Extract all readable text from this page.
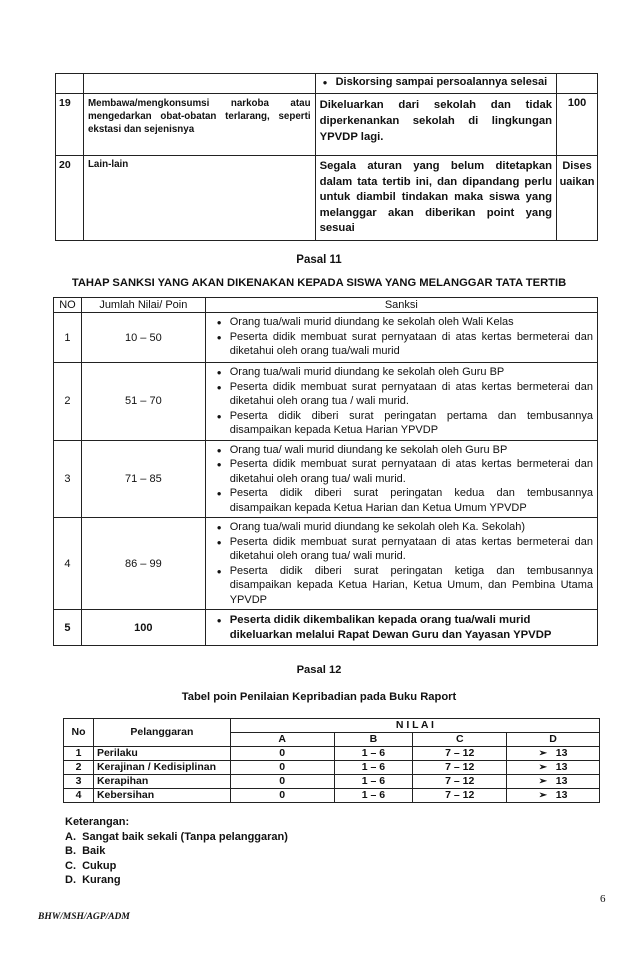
		● Diskorsing sampai persoalannya selesai

19	Membawa/mengkonsumsi narkoba atau mengedarkan obat-obatan terlarang, seperti ekstasi dan sejenisnya	Dikeluarkan dari sekolah dan tidak diperkenankan sekolah di lingkungan YPVDP lagi.	100
20	Lain-lain	Segala aturan yang belum ditetapkan dalam tata tertib ini, dan dipandang perlu untuk diambil tindakan maka siswa yang melanggar akan diberikan point yang sesuai	Disesuaikan
Pasal 11
TAHAP SANKSI YANG AKAN DIKENAKAN KEPADA SISWA YANG MELANGGAR TATA TERTIB
NO	Jumlah Nilai/ Poin	Sanksi
1	10 – 50	● Orang tua/wali murid diundang ke sekolah oleh Wali Kelas
● Peserta didik membuat surat pernyataan di atas kertas bermeterai dan diketahui oleh orang tua/wali murid

2	51 – 70	● Orang tua/wali murid diundang ke sekolah oleh Guru BP
● Peserta didik membuat surat pernyataan di atas kertas bermeterai dan diketahui oleh orang tua / wali murid.
● Peserta didik diberi surat peringatan pertama dan tembusannya disampaikan kepada Ketua Harian YPVDP

3	71 – 85	● Orang tua/ wali murid diundang ke sekolah oleh Guru BP
● Peserta didik membuat surat pernyataan di atas kertas bermeterai dan diketahui oleh orang tua/ wali murid.
● Peserta didik diberi surat peringatan kedua dan tembusannya disampaikan kepada Ketua Harian dan Ketua Umum YPVDP

4	86 – 99	● Orang tua/wali murid diundang ke sekolah oleh Ka. Sekolah)
● Peserta didik membuat surat pernyataan di atas kertas bermeterai dan diketahui oleh orang tua/ wali murid.
● Peserta didik diberi surat peringatan ketiga dan tembusannya disampaikan kepada Ketua Harian, Ketua Umum, dan Pembina Utama YPVDP

5	100	● Peserta didik dikembalikan kepada orang tua/wali murid dikeluarkan melalui Rapat Dewan Guru dan Yayasan YPVDP
Pasal 12
Tabel poin Penilaian Kepribadian pada Buku Raport
No	Pelanggaran	N I L A I			
		A	B	C	D
1	Perilaku	0	1 – 6	7 – 12	➢ 13
2	Kerajinan / Kedisiplinan	0	1 – 6	7 – 12	➢ 13
3	Kerapihan	0	1 – 6	7 – 12	➢ 13
4	Kebersihan	0	1 – 6	7 – 12	➢ 13
Keterangan:
A.  Sangat baik sekali (Tanpa pelanggaran)
B.  Baik
C.  Cukup
D.  Kurang
6
BHW/MSH/AGP/ADM
